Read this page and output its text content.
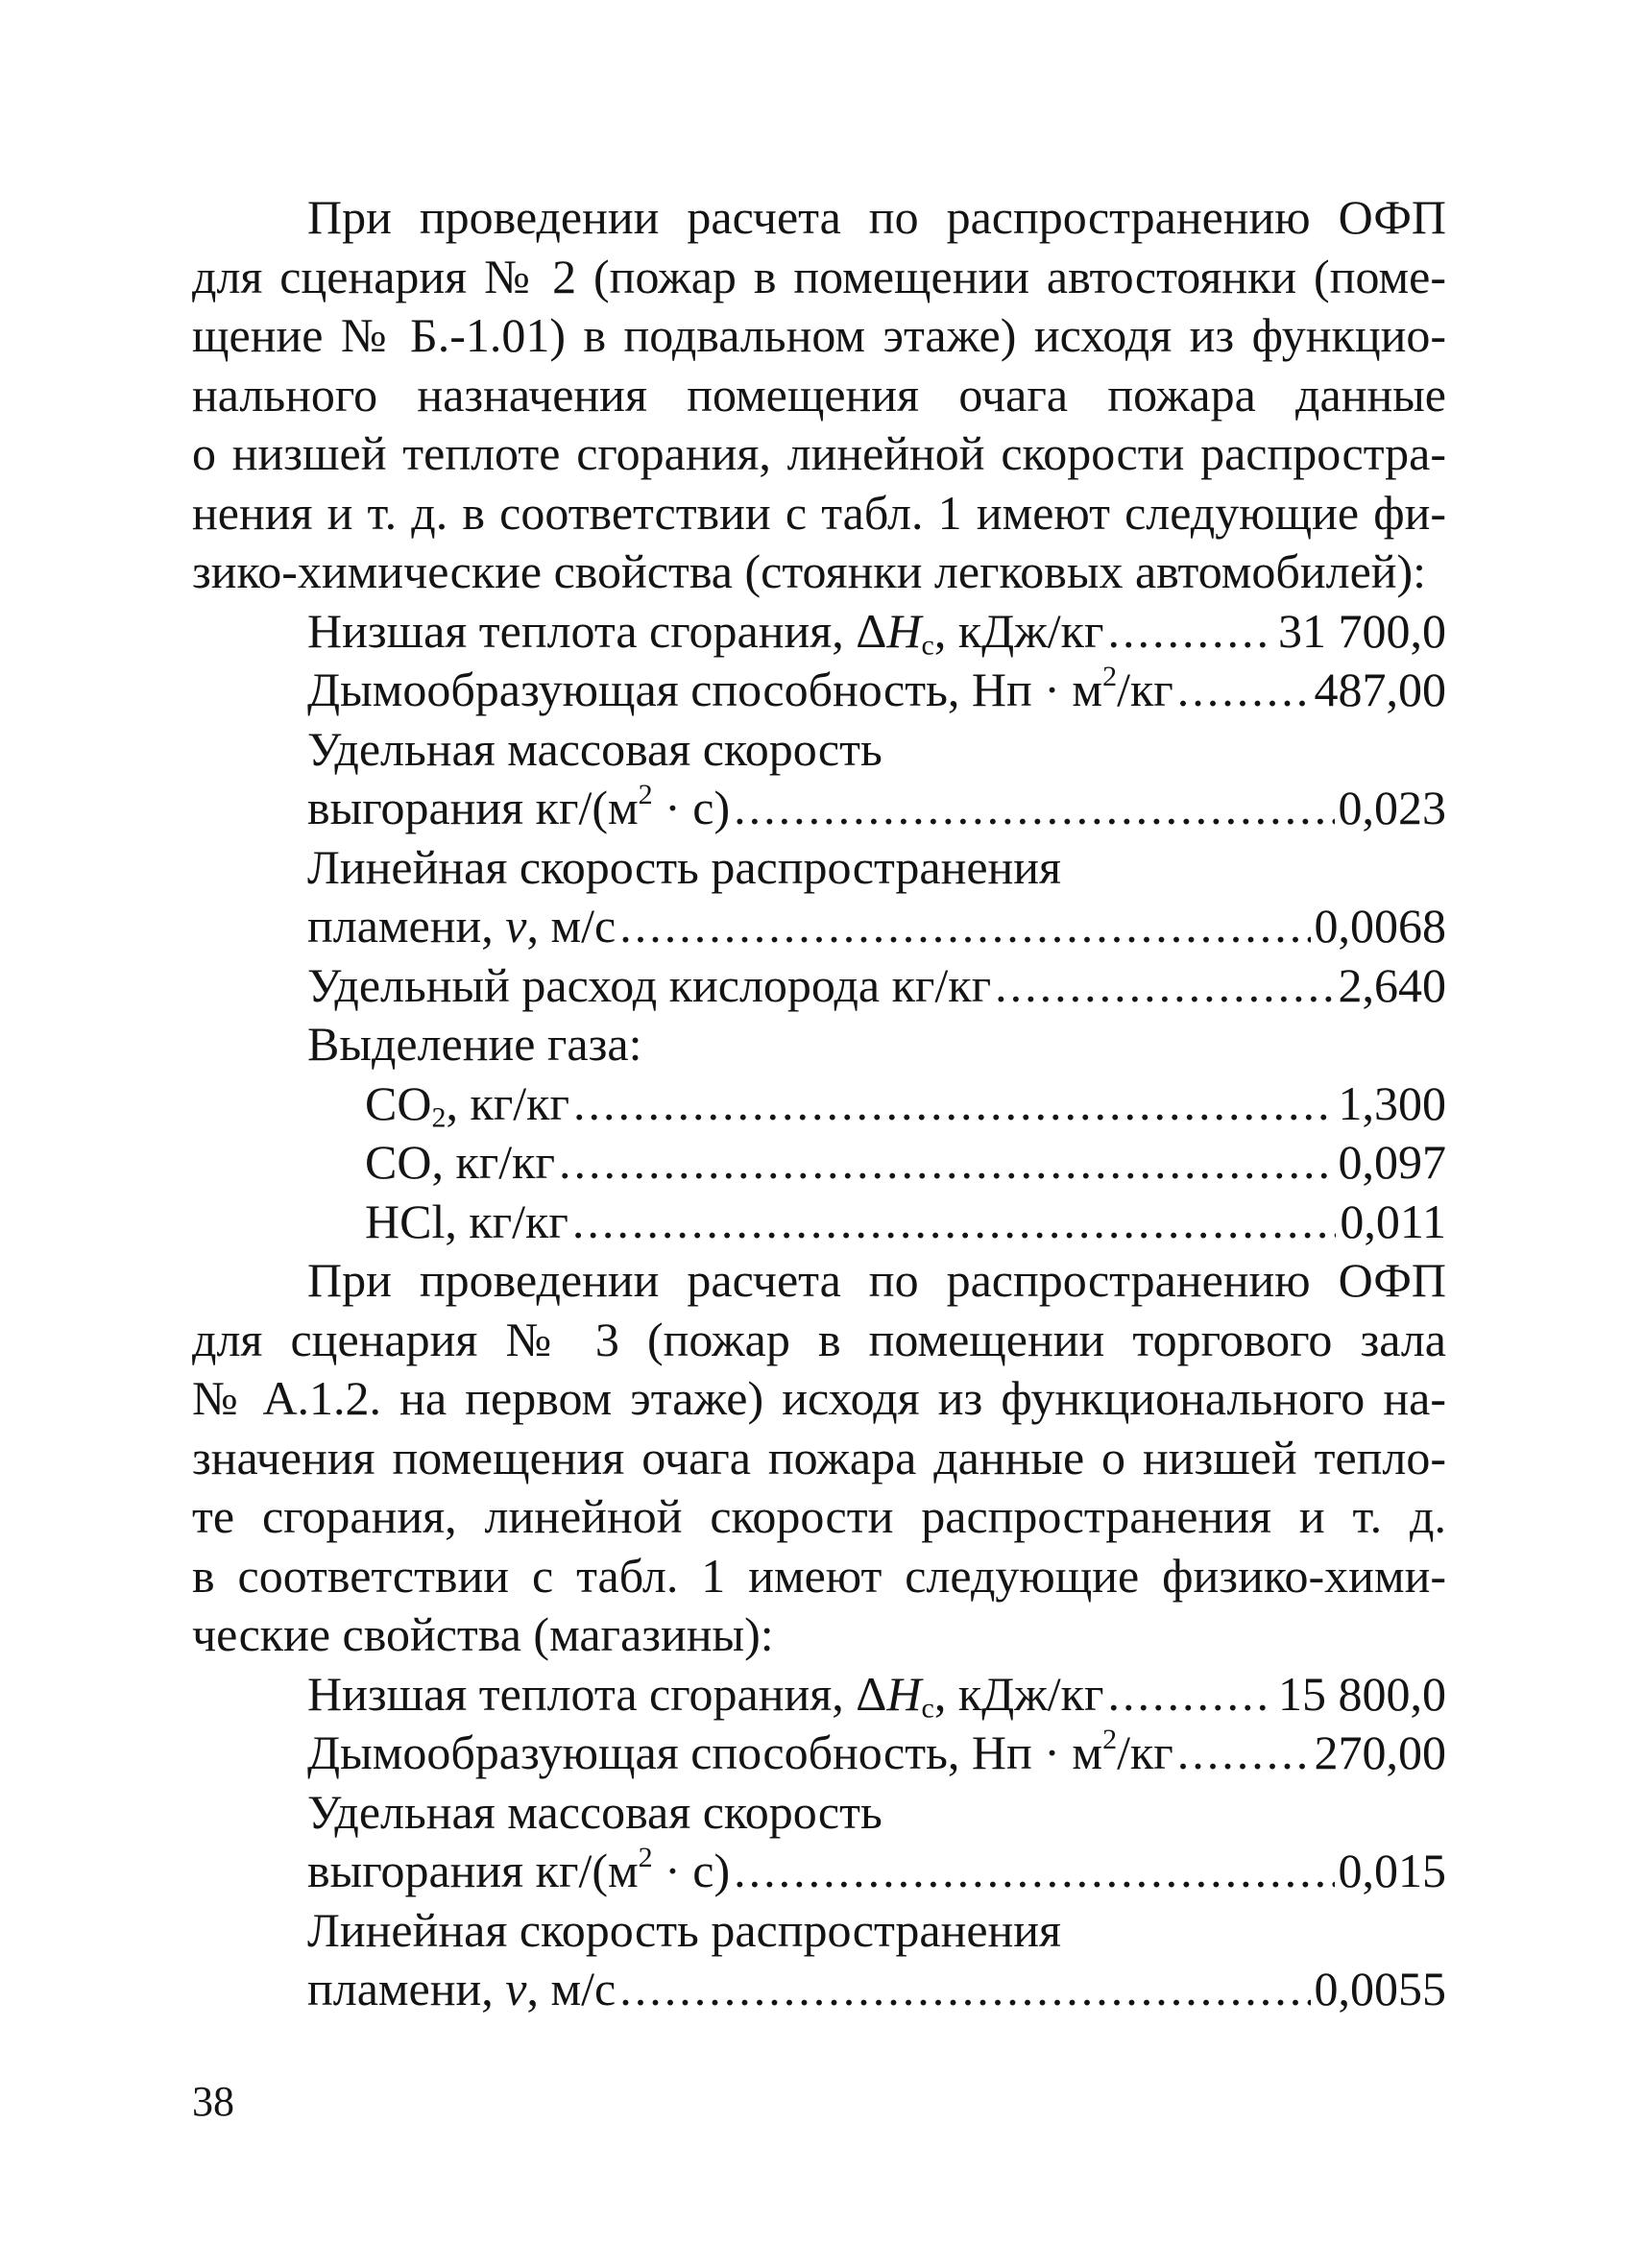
При проведении расчета по распространению ОФП
для сценария № 2 (пожар в помещении автостоянки (поме-
щение № Б.-1.01) в подвальном этаже) исходя из функцио-
нального назначения помещения очага пожара данные
о низшей теплоте сгорания, линейной скорости распростра-
нения и т. д. в соответствии с табл. 1 имеют следующие фи-
зико-химические свойства (стоянки легковых автомобилей):

Низшая теплота сгорания, $\Delta H_с$, кДж/кг .....	31 700,0
Дымообразующая способность, Нп · $м^2/кг$ .....	487,00
Удельная массовая скорость
выгорания $кг/(м^2 \cdot с)$ .....	0,023
Линейная скорость распространения
пламени, v, м/с .....	0,0068
Удельный расход кислорода кг/кг .....	2,640
Выделение газа:
$CO_2$, кг/кг .....	1,300
CO, кг/кг .....	0,097
HCl, кг/кг .....	0,011

При проведении расчета по распространению ОФП
для сценария № 3 (пожар в помещении торгового зала
№ А.1.2. на первом этаже) исходя из функционального на-
значения помещения очага пожара данные о низшей тепло-
те сгорания, линейной скорости распространения и т. д.
в соответствии с табл. 1 имеют следующие физико-хими-
ческие свойства (магазины):

Низшая теплота сгорания, $\Delta H_с$, кДж/кг .....	15 800,0
Дымообразующая способность, Нп · $м^2/кг$ .....	270,00
Удельная массовая скорость
выгорания $кг/(м^2 \cdot с)$ .....	0,015
Линейная скорость распространения
пламени, v, м/с .....	0,0055
38
